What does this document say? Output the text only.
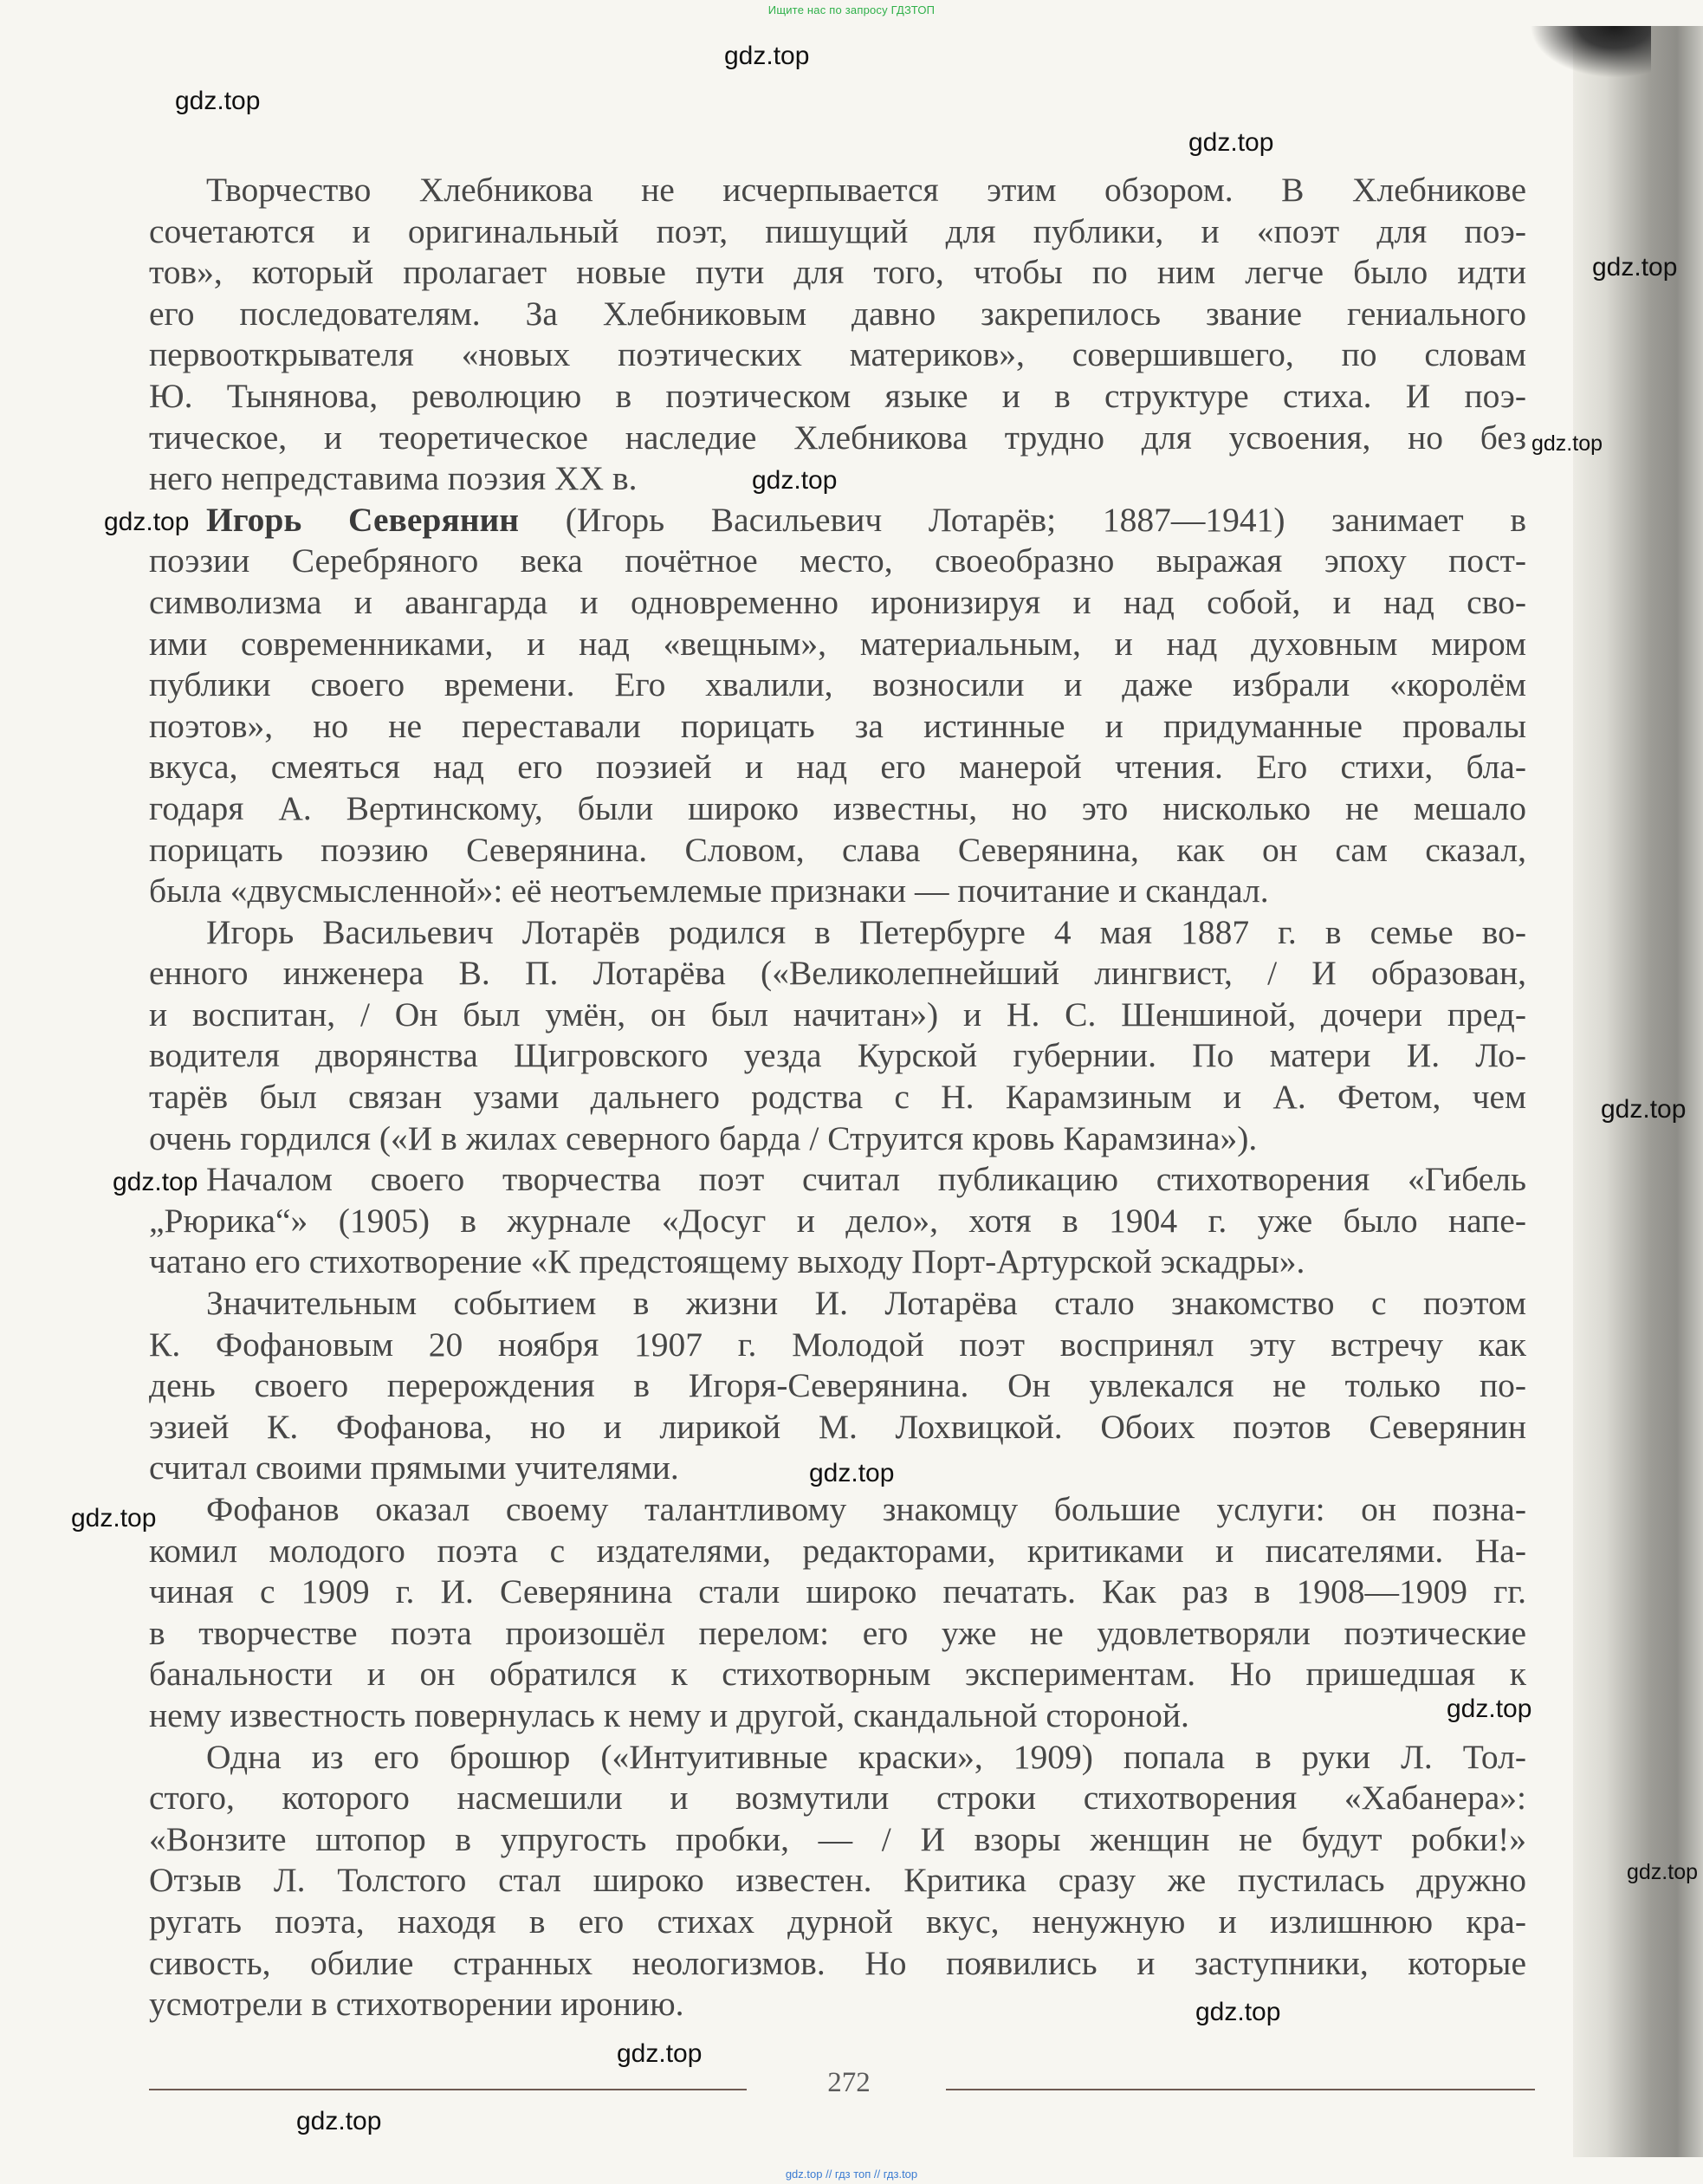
Ищите нас по запросу ГДЗТОП
gdz.top
gdz.top
gdz.top
gdz.top
gdz.top
gdz.top
gdz.top
gdz.top
gdz.top
gdz.top
gdz.top
gdz.top
gdz.top
gdz.top
gdz.top
gdz.top
Творчество Хлебникова не исчерпывается этим обзором. В Хлебникове
сочетаются и оригинальный поэт, пишущий для публики, и «поэт для поэ-
тов», который пролагает новые пути для того, чтобы по ним легче было идти
его последователям. За Хлебниковым давно закрепилось звание гениального
первооткрывателя «новых поэтических материков», совершившего, по словам
Ю. Тынянова, революцию в поэтическом языке и в структуре стиха. И поэ-
тическое, и теоретическое наследие Хлебникова трудно для усвоения, но без
него непредставима поэзия XX в.
Игорь Северянин (Игорь Васильевич Лотарёв; 1887—1941) занимает в
поэзии Серебряного века почётное место, своеобразно выражая эпоху пост-
символизма и авангарда и одновременно иронизируя и над собой, и над сво-
ими современниками, и над «вещным», материальным, и над духовным миром
публики своего времени. Его хвалили, возносили и даже избрали «королём
поэтов», но не переставали порицать за истинные и придуманные провалы
вкуса, смеяться над его поэзией и над его манерой чтения. Его стихи, бла-
годаря А. Вертинскому, были широко известны, но это нисколько не мешало
порицать поэзию Северянина. Словом, слава Северянина, как он сам сказал,
была «двусмысленной»: её неотъемлемые признаки — почитание и скандал.
Игорь Васильевич Лотарёв родился в Петербурге 4 мая 1887 г. в семье во-
енного инженера В. П. Лотарёва («Великолепнейший лингвист, / И образован,
и воспитан, / Он был умён, он был начитан») и Н. С. Шеншиной, дочери пред-
водителя дворянства Щигровского уезда Курской губернии. По матери И. Ло-
тарёв был связан узами дальнего родства с Н. Карамзиным и А. Фетом, чем
очень гордился («И в жилах северного барда / Струится кровь Карамзина»).
Началом своего творчества поэт считал публикацию стихотворения «Гибель
„Рюрика“» (1905) в журнале «Досуг и дело», хотя в 1904 г. уже было напе-
чатано его стихотворение «К предстоящему выходу Порт-Артурской эскадры».
Значительным событием в жизни И. Лотарёва стало знакомство с поэтом
К. Фофановым 20 ноября 1907 г. Молодой поэт воспринял эту встречу как
день своего перерождения в Игоря-Северянина. Он увлекался не только по-
эзией К. Фофанова, но и лирикой М. Лохвицкой. Обоих поэтов Северянин
считал своими прямыми учителями.
Фофанов оказал своему талантливому знакомцу большие услуги: он позна-
комил молодого поэта с издателями, редакторами, критиками и писателями. На-
чиная с 1909 г. И. Северянина стали широко печатать. Как раз в 1908—1909 гг.
в творчестве поэта произошёл перелом: его уже не удовлетворяли поэтические
банальности и он обратился к стихотворным экспериментам. Но пришедшая к
нему известность повернулась к нему и другой, скандальной стороной.
Одна из его брошюр («Интуитивные краски», 1909) попала в руки Л. Тол-
стого, которого насмешили и возмутили строки стихотворения «Хабанера»:
«Вонзите штопор в упругость пробки, — / И взоры женщин не будут робки!»
Отзыв Л. Толстого стал широко известен. Критика сразу же пустилась дружно
ругать поэта, находя в его стихах дурной вкус, ненужную и излишнюю кра-
сивость, обилие странных неологизмов. Но появились и заступники, которые
усмотрели в стихотворении иронию.
272
gdz.top // гдз топ // гдз.top
